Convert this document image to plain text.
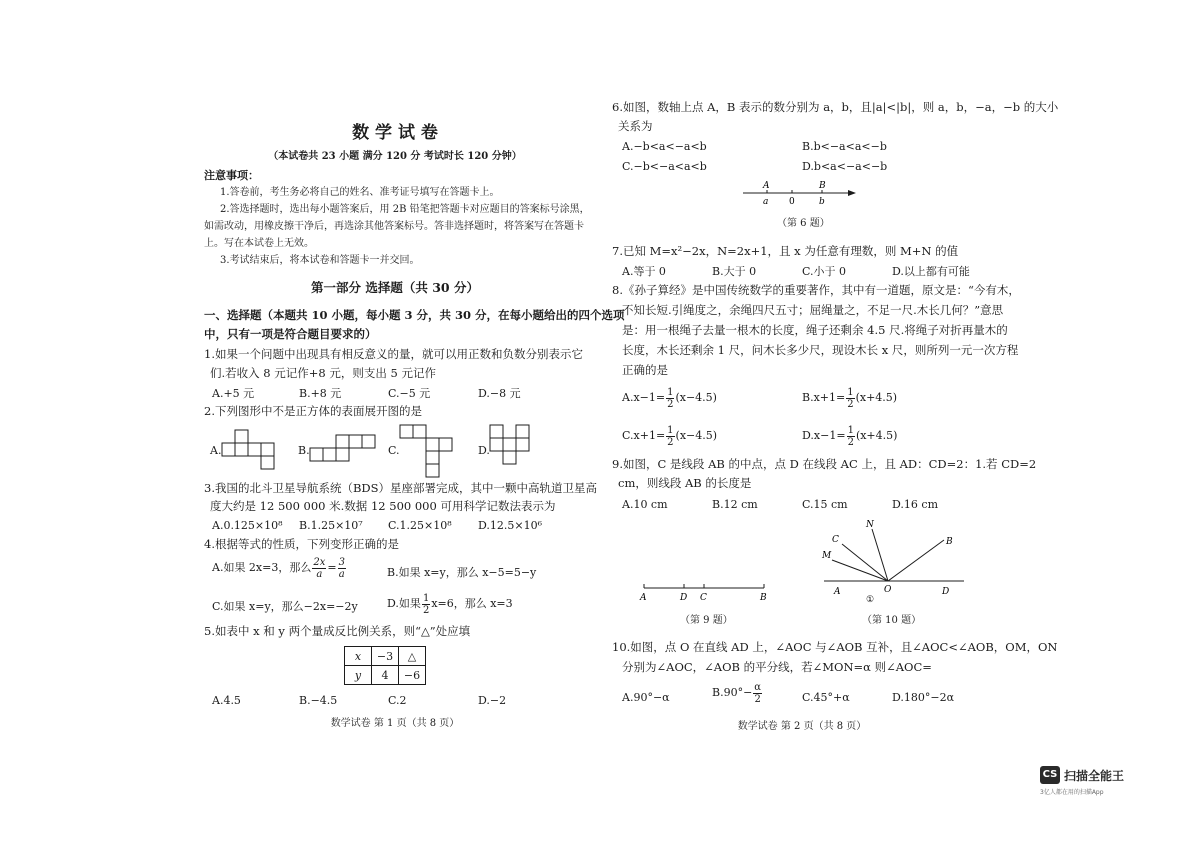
数 学 试 卷
（本试卷共 23 小题 满分 120 分 考试时长 120 分钟）
注意事项：
1.答卷前，考生务必将自己的姓名、准考证号填写在答题卡上。
2.答选择题时，选出每小题答案后，用 2B 铅笔把答题卡对应题目的答案标号涂黑，
如需改动，用橡皮擦干净后，再选涂其他答案标号。答非选择题时，将答案写在答题卡
上。写在本试卷上无效。
3.考试结束后，将本试卷和答题卡一并交回。
第一部分 选择题（共 30 分）
一、选择题（本题共 10 小题，每小题 3 分，共 30 分，在每小题给出的四个选项
中，只有一项是符合题目要求的）
1.如果一个问题中出现具有相反意义的量，就可以用正数和负数分别表示它
们.若收入 8 元记作+8 元，则支出 5 元记作
A.+5 元	B.+8 元	C.−5 元	D.−8 元
2.下列图形中不是正方体的表面展开图的是
A.	B.	C.	D.
3.我国的北斗卫星导航系统（BDS）星座部署完成，其中一颗中高轨道卫星高
度大约是 12 500 000 米.数据 12 500 000 可用科学记数法表示为
A.0.125×10⁸ B.1.25×10⁷ C.1.25×10⁸ D.12.5×10⁶
4.根据等式的性质，下列变形正确的是
A.如果 2x=3，那么 $\frac{2x}{a} = \frac{3}{a}$	B.如果 x=y，那么 x−5=5−y
C.如果 x=y，那么−2x=−2y	D.如果 $\frac{1}{2} x=6$，那么 x=3
5.如表中 x 和 y 两个量成反比例关系，则“△”处应填
x	−3	△
y	4	−6
A.4.5	B.−4.5	C.2	D.−2
数学试卷 第 1 页（共 8 页）
6.如图，数轴上点 A，B 表示的数分别为 a，b，且|a|<|b|，则 a，b，−a，−b 的大小
关系为
A.−b<a<−a<b	B.b<−a<a<−b
C.−b<−a<a<b	D.b<a<−a<−b
A	B
a 0	b
（第 6 题）
7.已知 M=x²−2x，N=2x+1，且 x 为任意有理数，则 M+N 的值
A.等于 0	B.大于 0	C.小于 0	D.以上都有可能
8.《孙子算经》是中国传统数学的重要著作，其中有一道题，原文是：“今有木，
不知长短.引绳度之，余绳四尺五寸；屈绳量之，不足一尺.木长几何？”意思
是：用一根绳子去量一根木的长度，绳子还剩余 4.5 尺.将绳子对折再量木的
长度，木长还剩余 1 尺，问木长多少尺，现设木长 x 尺，则所列一元一次方程
正确的是
$A.x-1= \frac{1}{2} (x-4.5)$	$B.x+1= \frac{1}{2} (x+4.5)$
$C.x+1= \frac{1}{2} (x-4.5)$	$D.x-1= \frac{1}{2} (x+4.5)$
9.如图，C 是线段 AB 的中点，点 D 在线段 AC 上，且 AD：CD=2：1.若 CD=2
cm，则线段 AB 的长度是
A.10 cm	B.12 cm	C.15 cm	D.16 cm
A	D C	B
（第 9 题）
C
N
M
B
A	O	D
①
（第 10 题）
10.如图，点 O 在直线 AD 上，∠AOC 与∠AOB 互补，且∠AOC<∠AOB，OM，ON
分别为∠AOC，∠AOB 的平分线，若∠MON=α 则∠AOC=
A.90°−α	$B.90^\circ- \frac{\alpha}{2}$	C.45°+α	D.180°−2α
数学试卷 第 2 页（共 8 页）
CS 扫描全能王
3亿人都在用的扫描App
